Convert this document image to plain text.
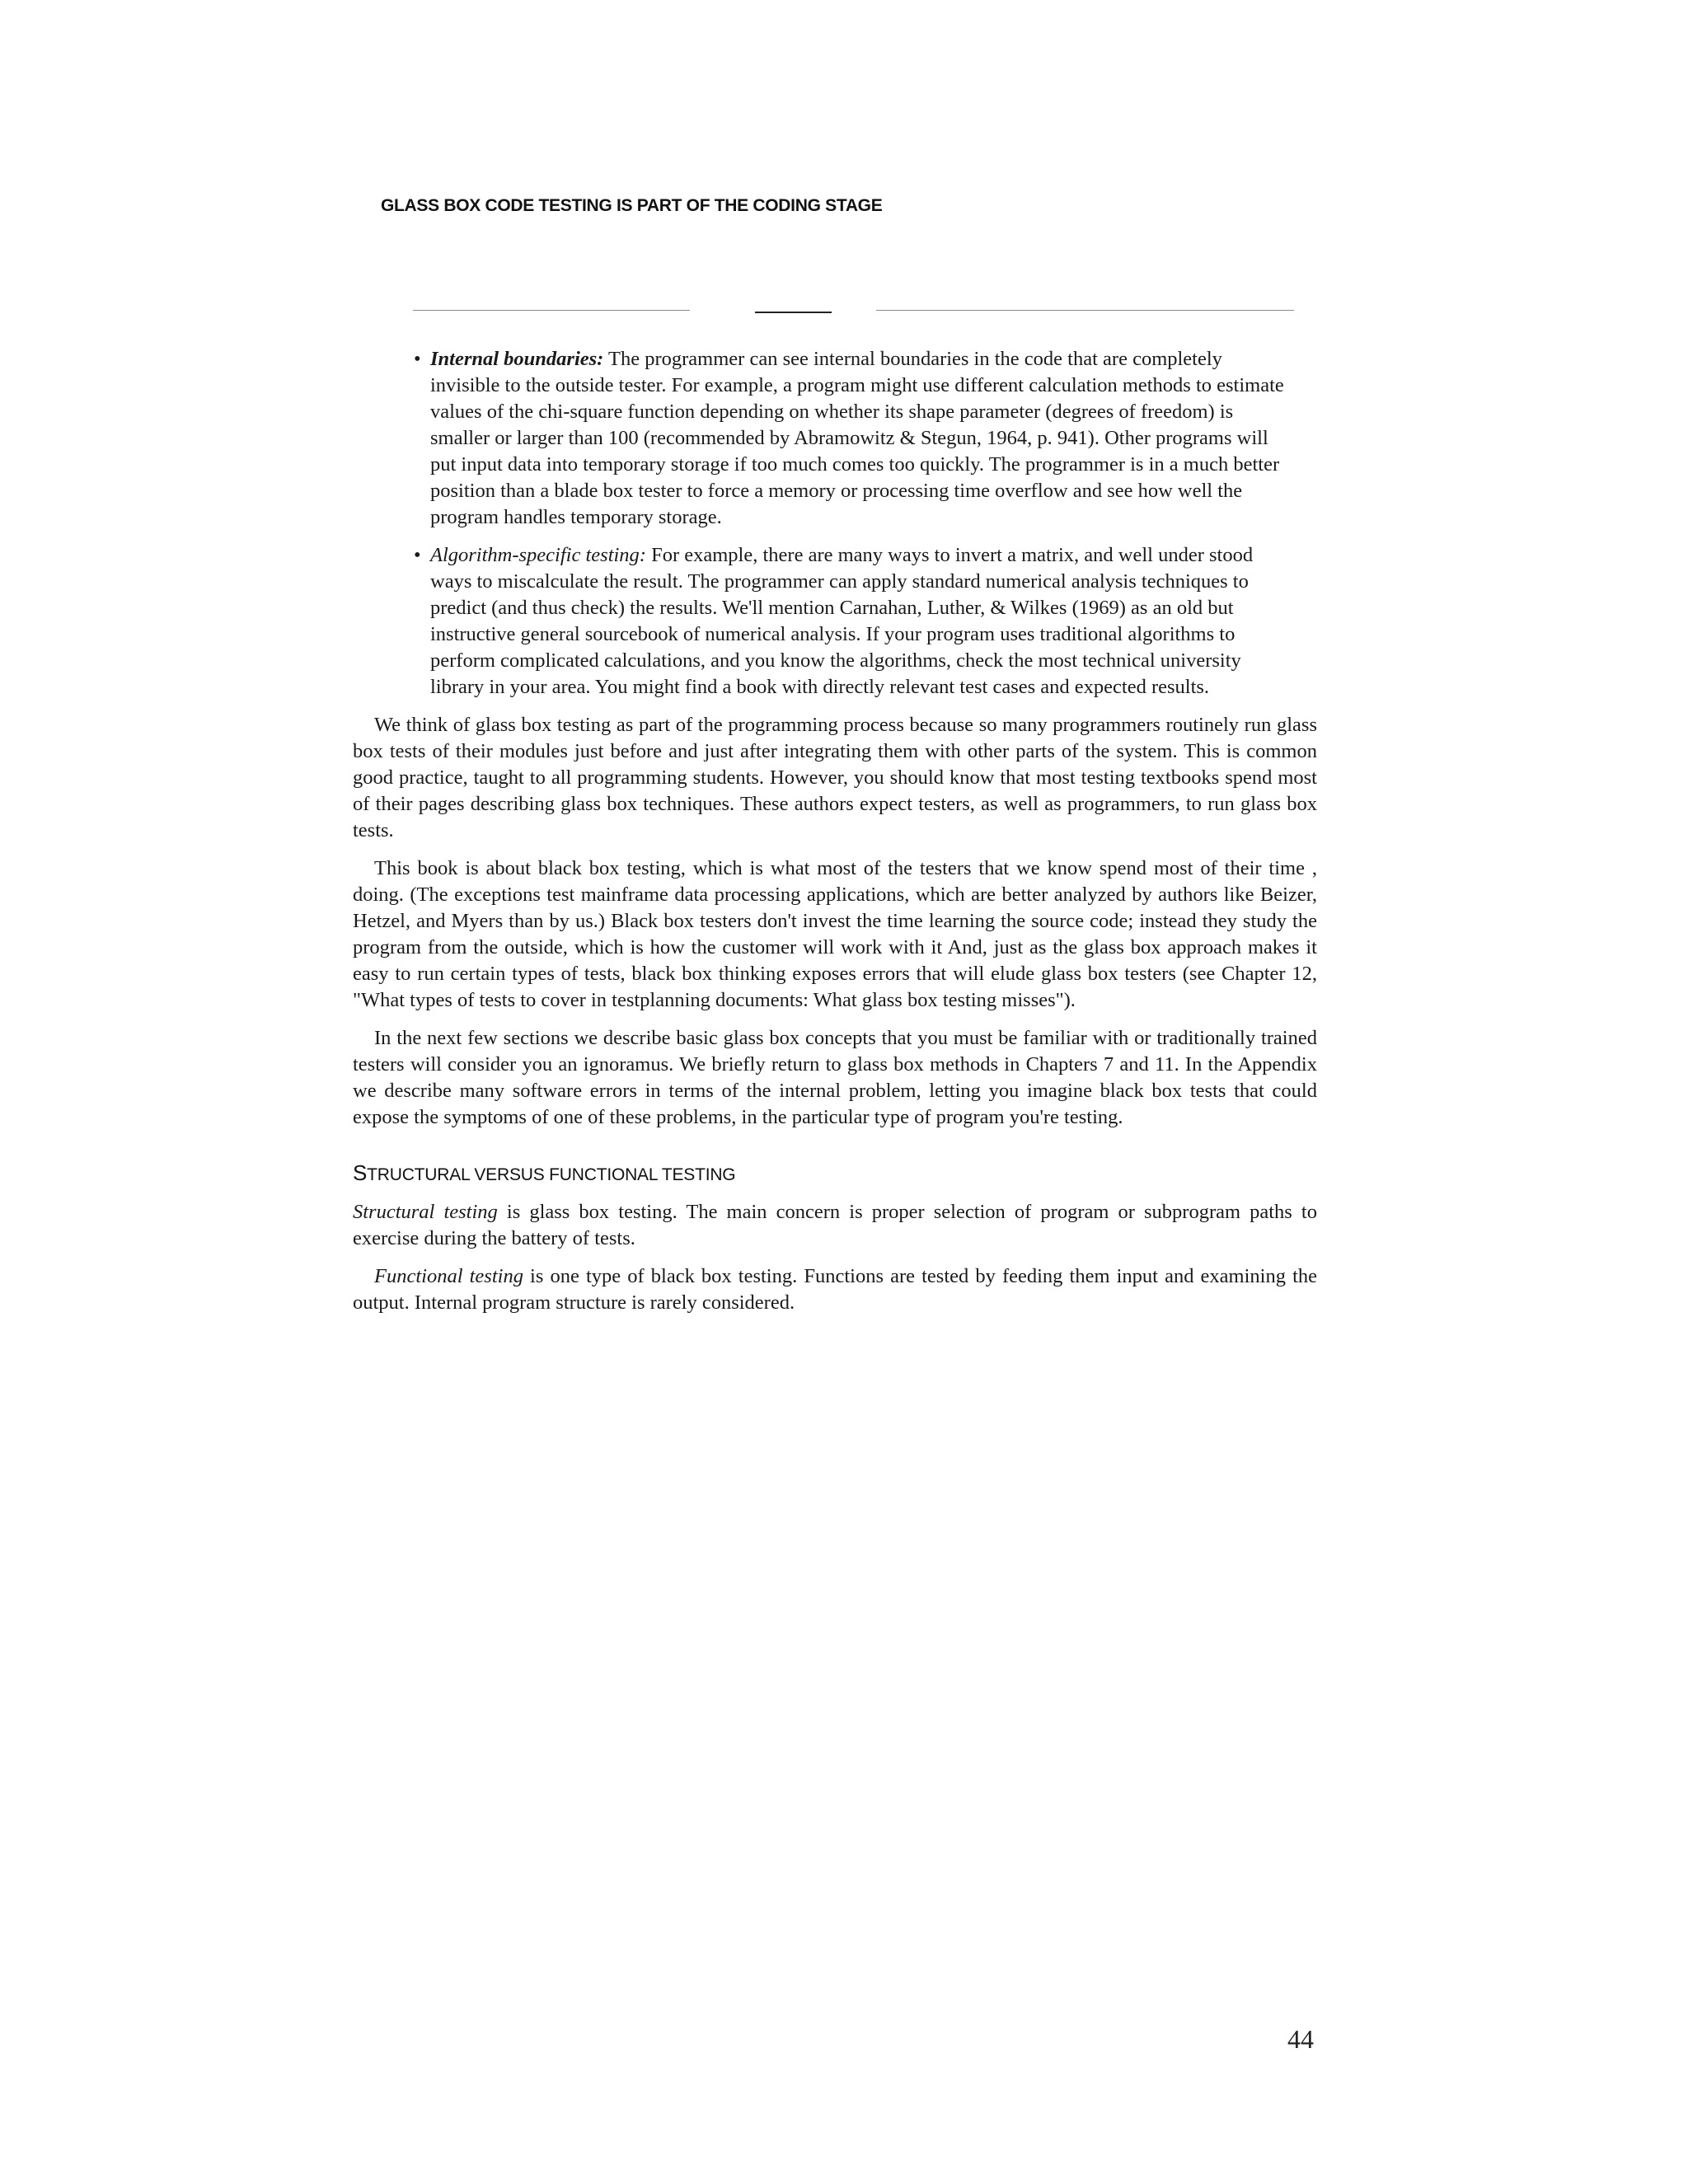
GLASS BOX CODE TESTING IS PART OF THE CODING STAGE
• Internal boundaries: The programmer can see internal boundaries in the code that are completely invisible to the outside tester. For example, a program might use different calculation methods to estimate values of the chi-square function depending on whether its shape parameter (degrees of freedom) is smaller or larger than 100 (recommended by Abramowitz & Stegun, 1964, p. 941). Other programs will put input data into temporary storage if too much comes too quickly. The programmer is in a much better position than a blade box tester to force a memory or processing time overflow and see how well the program handles temporary storage.
• Algorithm-specific testing: For example, there are many ways to invert a matrix, and well under stood ways to miscalculate the result. The programmer can apply standard numerical analysis techniques to predict (and thus check) the results. We'll mention Carnahan, Luther, & Wilkes (1969) as an old but instructive general sourcebook of numerical analysis. If your program uses traditional algorithms to perform complicated calculations, and you know the algorithms, check the most technical university library in your area. You might find a book with directly relevant test cases and expected results.

We think of glass box testing as part of the programming process because so many programmers routinely run glass box tests of their modules just before and just after integrating them with other parts of the system. This is common good practice, taught to all programming students. However, you should know that most testing textbooks spend most of their pages describing glass box techniques. These authors expect testers, as well as programmers, to run glass box tests.

This book is about black box testing, which is what most of the testers that we know spend most of their time , doing. (The exceptions test mainframe data processing applications, which are better analyzed by authors like Beizer, Hetzel, and Myers than by us.) Black box testers don't invest the time learning the source code; instead they study the program from the outside, which is how the customer will work with it And, just as the glass box approach makes it easy to run certain types of tests, black box thinking exposes errors that will elude glass box testers (see Chapter 12, "What types of tests to cover in testplanning documents: What glass box testing misses").

In the next few sections we describe basic glass box concepts that you must be familiar with or traditionally trained testers will consider you an ignoramus. We briefly return to glass box methods in Chapters 7 and 11. In the Appendix we describe many software errors in terms of the internal problem, letting you imagine black box tests that could expose the symptoms of one of these problems, in the particular type of program you're testing.

STRUCTURAL VERSUS FUNCTIONAL TESTING

Structural testing is glass box testing. The main concern is proper selection of program or subprogram paths to exercise during the battery of tests.

Functional testing is one type of black box testing. Functions are tested by feeding them input and examining the output. Internal program structure is rarely considered.

44
